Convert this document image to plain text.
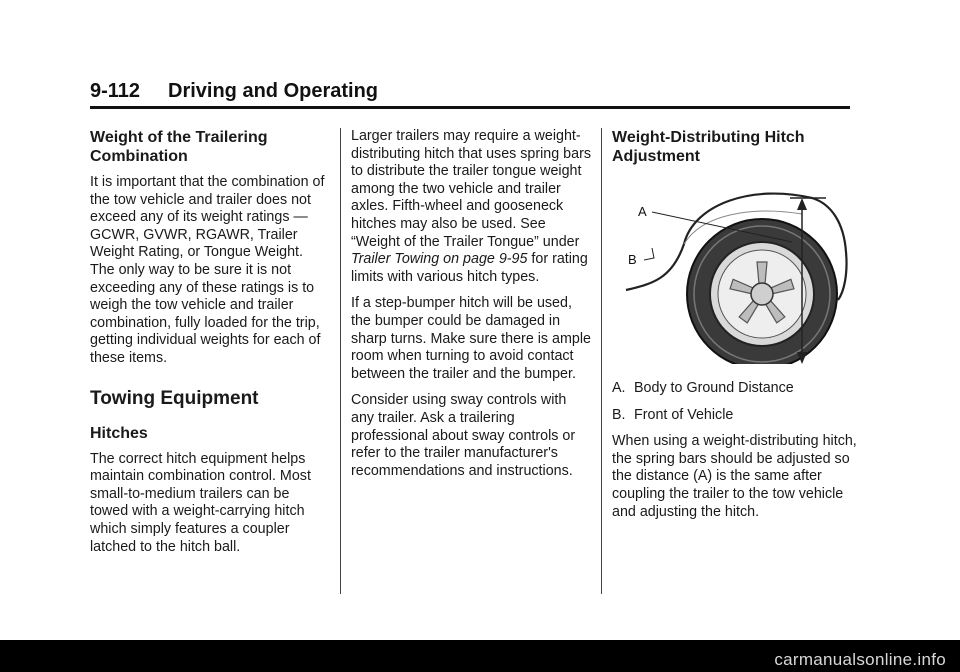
9-112 Driving and Operating
Weight of the Trailering Combination

It is important that the combination of the tow vehicle and trailer does not exceed any of its weight ratings — GCWR, GVWR, RGAWR, Trailer Weight Rating, or Tongue Weight. The only way to be sure it is not exceeding any of these ratings is to weigh the tow vehicle and trailer combination, fully loaded for the trip, getting individual weights for each of these items.

Towing Equipment
Hitches

The correct hitch equipment helps maintain combination control. Most small-to-medium trailers can be towed with a weight-carrying hitch which simply features a coupler latched to the hitch ball.

Larger trailers may require a weight-distributing hitch that uses spring bars to distribute the trailer tongue weight among the two vehicle and trailer axles. Fifth-wheel and gooseneck hitches may also be used. See “Weight of the Trailer Tongue” under Trailer Towing on page 9-95 for rating limits with various hitch types.

If a step-bumper hitch will be used, the bumper could be damaged in sharp turns. Make sure there is ample room when turning to avoid contact between the trailer and the bumper.

Consider using sway controls with any trailer. Ask a trailering professional about sway controls or refer to the trailer manufacturer's recommendations and instructions.

Weight-Distributing Hitch Adjustment
A
B
A. Body to Ground Distance
B. Front of Vehicle

When using a weight-distributing hitch, the spring bars should be adjusted so the distance (A) is the same after coupling the trailer to the tow vehicle and adjusting the hitch.

carmanualsonline.info
